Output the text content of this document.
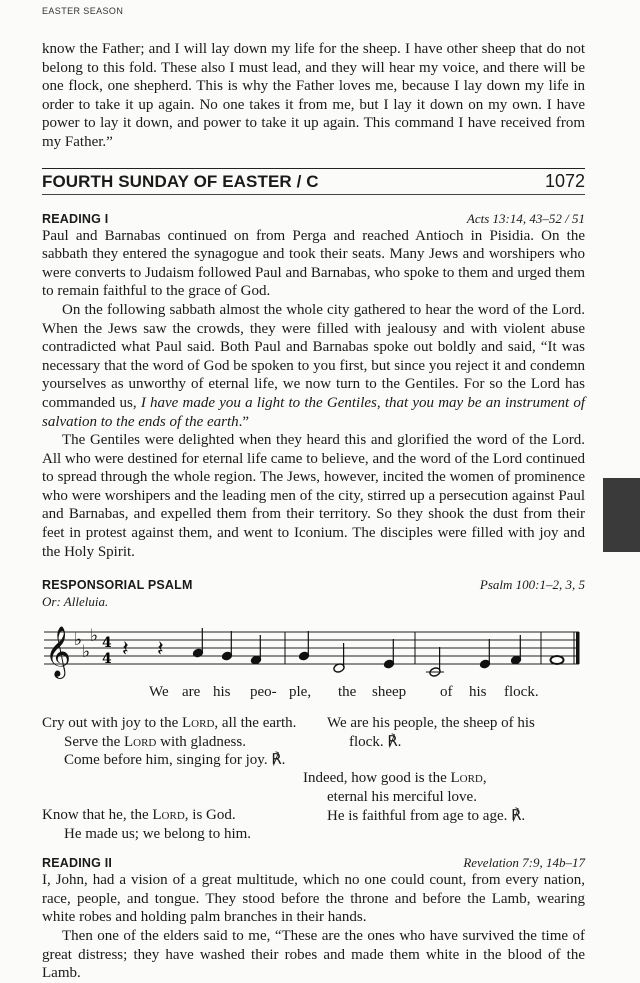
EASTER SEASON

know the Father; and I will lay down my life for the sheep. I have other sheep that do not belong to this fold. These also I must lead, and they will hear my voice, and there will be one flock, one shepherd. This is why the Father loves me, because I lay down my life in order to take it up again. No one takes it from me, but I lay it down on my own. I have power to lay it down, and power to take it up again. This command I have received from my Father.”

FOURTH SUNDAY OF EASTER / C	1072
READING I	Acts 13:14, 43–52 / 51

Paul and Barnabas continued on from Perga and reached Antioch in Pisidia. On the sabbath they entered the synagogue and took their seats. Many Jews and worshipers who were converts to Judaism followed Paul and Barnabas, who spoke to them and urged them to remain faithful to the grace of God.

On the following sabbath almost the whole city gathered to hear the word of the Lord. When the Jews saw the crowds, they were filled with jealousy and with violent abuse contradicted what Paul said. Both Paul and Barnabas spoke out boldly and said, “It was necessary that the word of God be spoken to you first, but since you reject it and condemn yourselves as unworthy of eternal life, we now turn to the Gentiles. For so the Lord has commanded us, I have made you a light to the Gentiles, that you may be an instrument of salvation to the ends of the earth.”

The Gentiles were delighted when they heard this and glorified the word of the Lord. All who were destined for eternal life came to believe, and the word of the Lord continued to spread through the whole region. The Jews, however, incited the women of prominence who were worshipers and the leading men of the city, stirred up a persecution against Paul and Barnabas, and expelled them from their territory. So they shook the dust from their feet in protest against them, and went to Iconium. The disciples were filled with joy and the Holy Spirit.

RESPONSORIAL PSALM	Psalm 100:1–2, 3, 5
Or: Alleluia.
𝄞 ♭
♭
♭ 4
4 𝄽 𝄽
We are his peo- ple, the sheep of his flock.
Cry out with joy to the Lord, all the earth.
Serve the Lord with gladness.
Come before him, singing for joy. ℟.
Know that he, the Lord, is God.
He made us; we belong to him.
We are his people, the sheep of his
flock. ℟.
Indeed, how good is the Lord,
eternal his merciful love.
He is faithful from age to age. ℟.
READING II	Revelation 7:9, 14b–17

I, John, had a vision of a great multitude, which no one could count, from every nation, race, people, and tongue. They stood before the throne and before the Lamb, wearing white robes and holding palm branches in their hands.

Then one of the elders said to me, “These are the ones who have survived the time of great distress; they have washed their robes and made them white in the blood of the Lamb.
